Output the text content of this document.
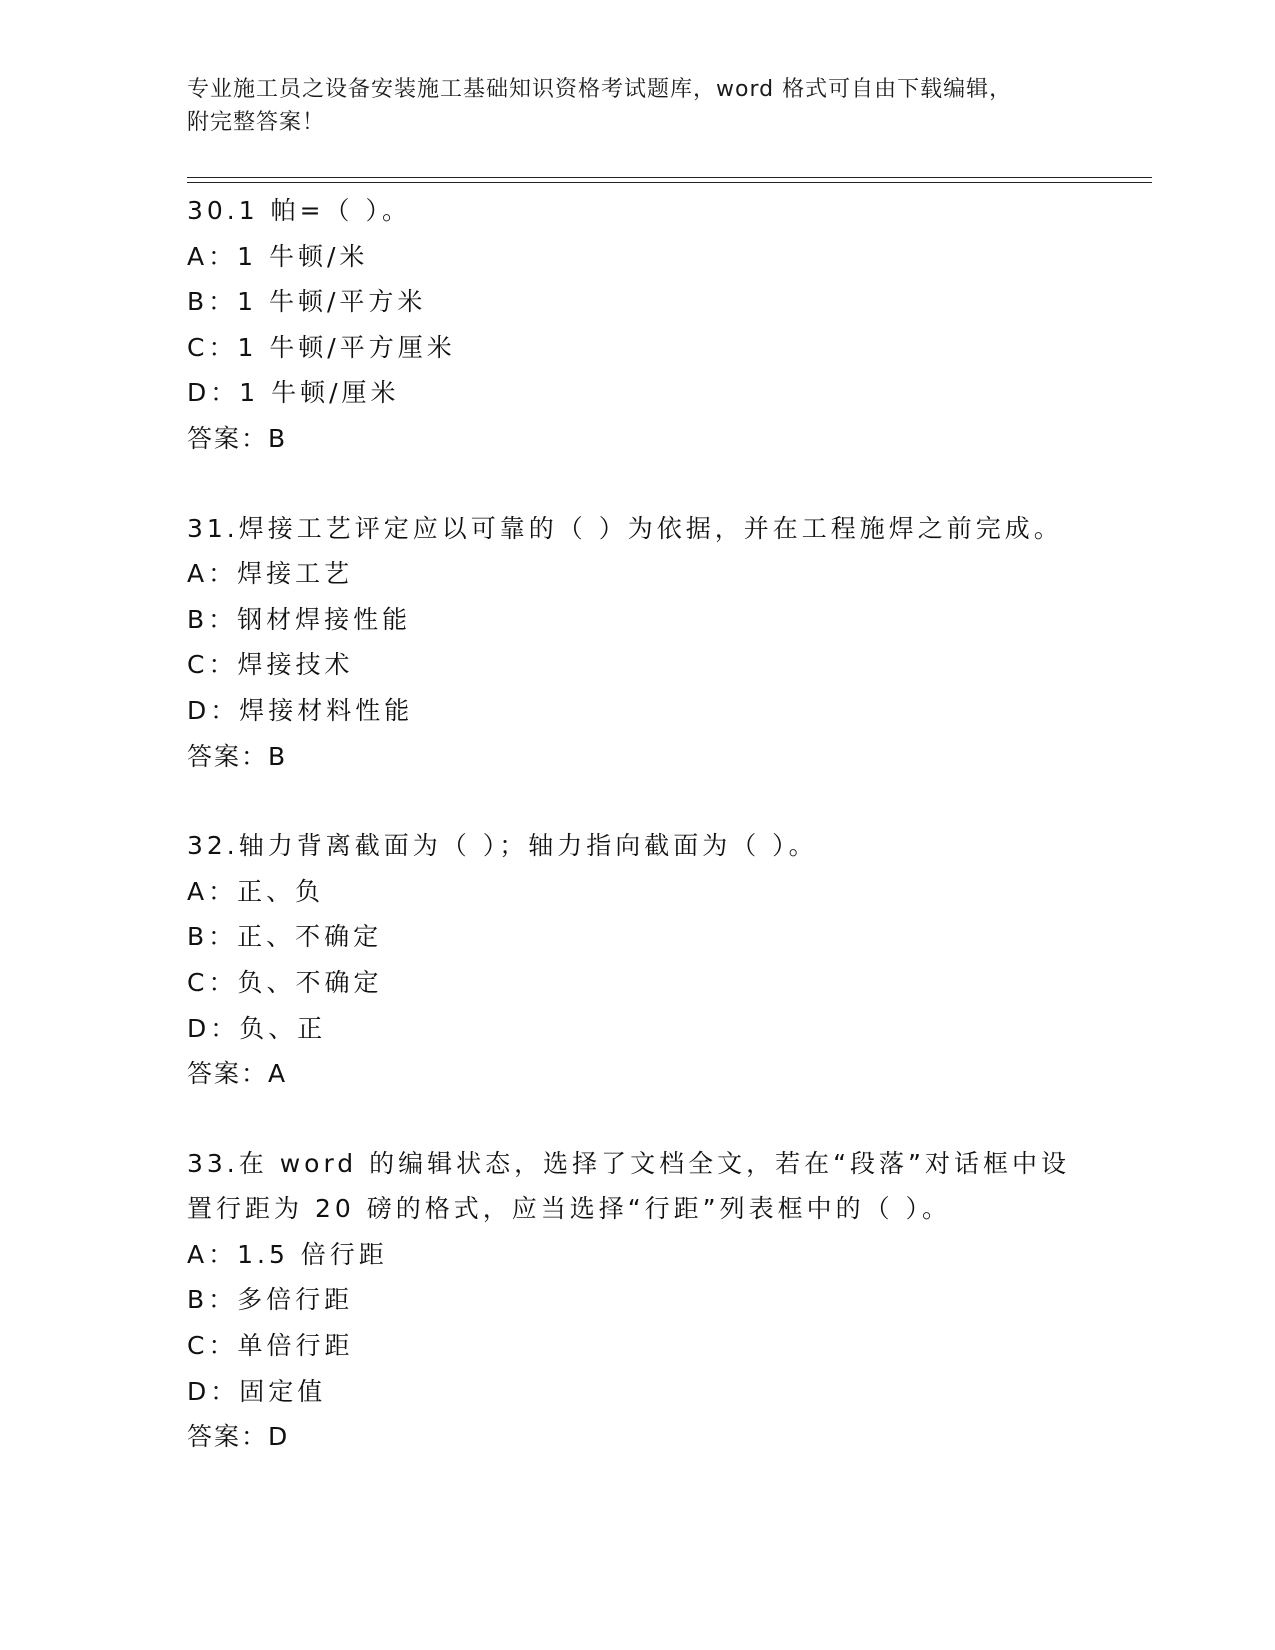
专业施工员之设备安装施工基础知识资格考试题库，word 格式可自由下载编辑，
附完整答案！
30.1 帕=（ ）。
A：1 牛顿/米
B：1 牛顿/平方米
C：1 牛顿/平方厘米
D：1 牛顿/厘米
答案：B
31.焊接工艺评定应以可靠的（ ）为依据，并在工程施焊之前完成。
A：焊接工艺
B：钢材焊接性能
C：焊接技术
D：焊接材料性能
答案：B
32.轴力背离截面为（ ）；轴力指向截面为（ ）。
A：正、负
B：正、不确定
C：负、不确定
D：负、正
答案：A
33.在 word 的编辑状态，选择了文档全文，若在“段落”对话框中设
置行距为 20 磅的格式，应当选择“行距”列表框中的（ ）。
A：1.5 倍行距
B：多倍行距
C：单倍行距
D：固定值
答案：D
